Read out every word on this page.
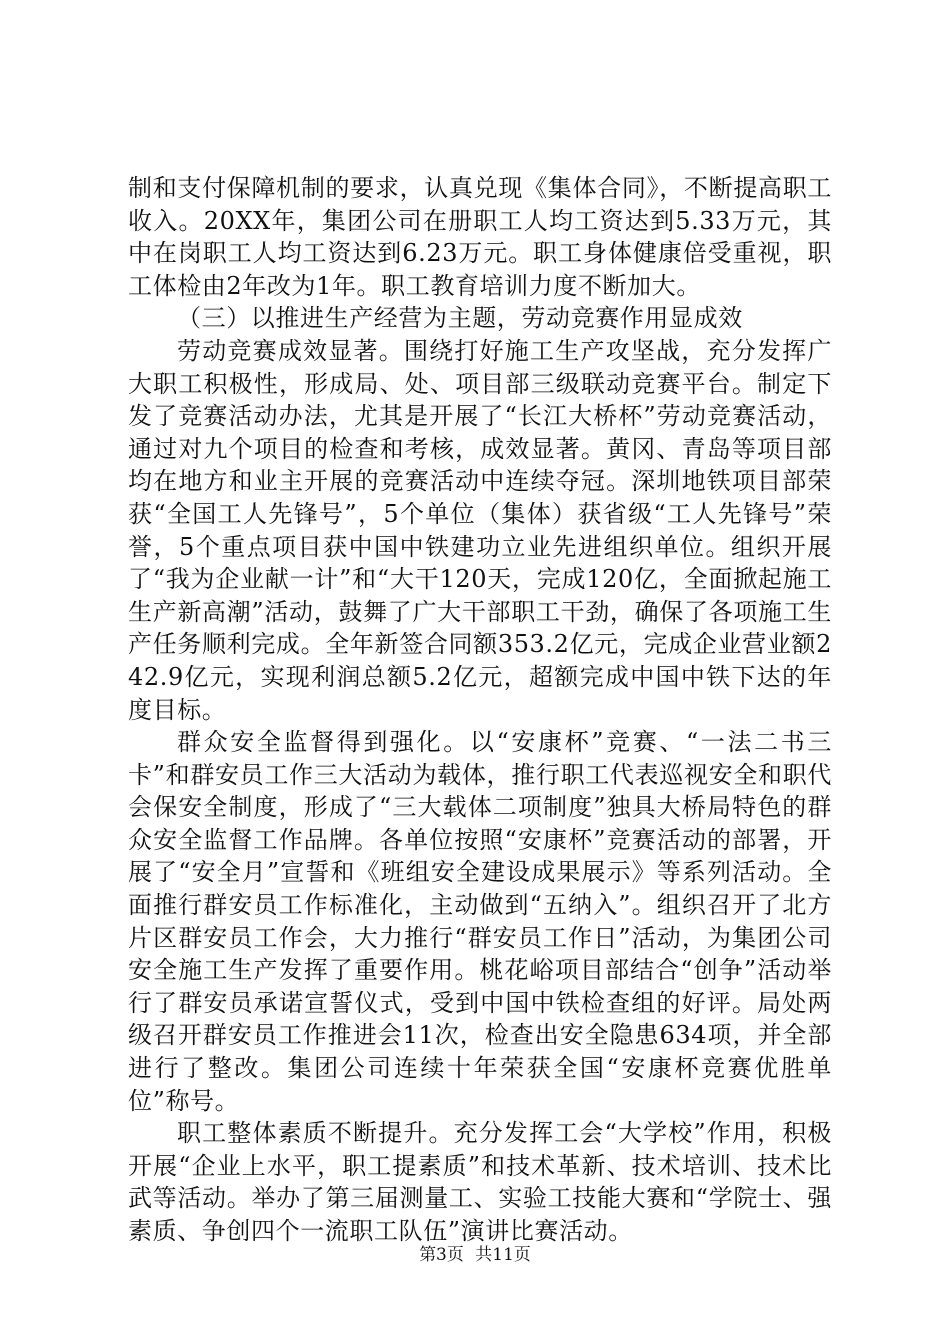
制和支付保障机制的要求，认真兑现《集体合同》，不断提高职工收入。20XX年，集团公司在册职工人均工资达到5.33万元，其中在岗职工人均工资达到6.23万元。职工身体健康倍受重视，职工体检由2年改为1年。职工教育培训力度不断加大。

（三）以推进生产经营为主题，劳动竞赛作用显成效

劳动竞赛成效显著。围绕打好施工生产攻坚战，充分发挥广大职工积极性，形成局、处、项目部三级联动竞赛平台。制定下发了竞赛活动办法，尤其是开展了“长江大桥杯”劳动竞赛活动，通过对九个项目的检查和考核，成效显著。黄冈、青岛等项目部均在地方和业主开展的竞赛活动中连续夺冠。深圳地铁项目部荣获“全国工人先锋号”，5个单位（集体）获省级“工人先锋号”荣誉，5个重点项目获中国中铁建功立业先进组织单位。组织开展了“我为企业献一计”和“大干120天，完成120亿，全面掀起施工生产新高潮”活动，鼓舞了广大干部职工干劲，确保了各项施工生产任务顺利完成。全年新签合同额353.2亿元，完成企业营业额242.9亿元，实现利润总额5.2亿元，超额完成中国中铁下达的年度目标。

群众安全监督得到强化。以“安康杯”竞赛、“一法二书三卡”和群安员工作三大活动为载体，推行职工代表巡视安全和职代会保安全制度，形成了“三大载体二项制度”独具大桥局特色的群众安全监督工作品牌。各单位按照“安康杯”竞赛活动的部署，开展了“安全月”宣誓和《班组安全建设成果展示》等系列活动。全面推行群安员工作标准化，主动做到“五纳入”。组织召开了北方片区群安员工作会，大力推行“群安员工作日”活动，为集团公司安全施工生产发挥了重要作用。桃花峪项目部结合“创争”活动举行了群安员承诺宣誓仪式，受到中国中铁检查组的好评。局处两级召开群安员工作推进会11次，检查出安全隐患634项，并全部进行了整改。集团公司连续十年荣获全国“安康杯竞赛优胜单位”称号。

职工整体素质不断提升。充分发挥工会“大学校”作用，积极开展“企业上水平，职工提素质”和技术革新、技术培训、技术比武等活动。举办了第三届测量工、实验工技能大赛和“学院士、强素质、争创四个一流职工队伍”演讲比赛活动。

第3页 共11页
